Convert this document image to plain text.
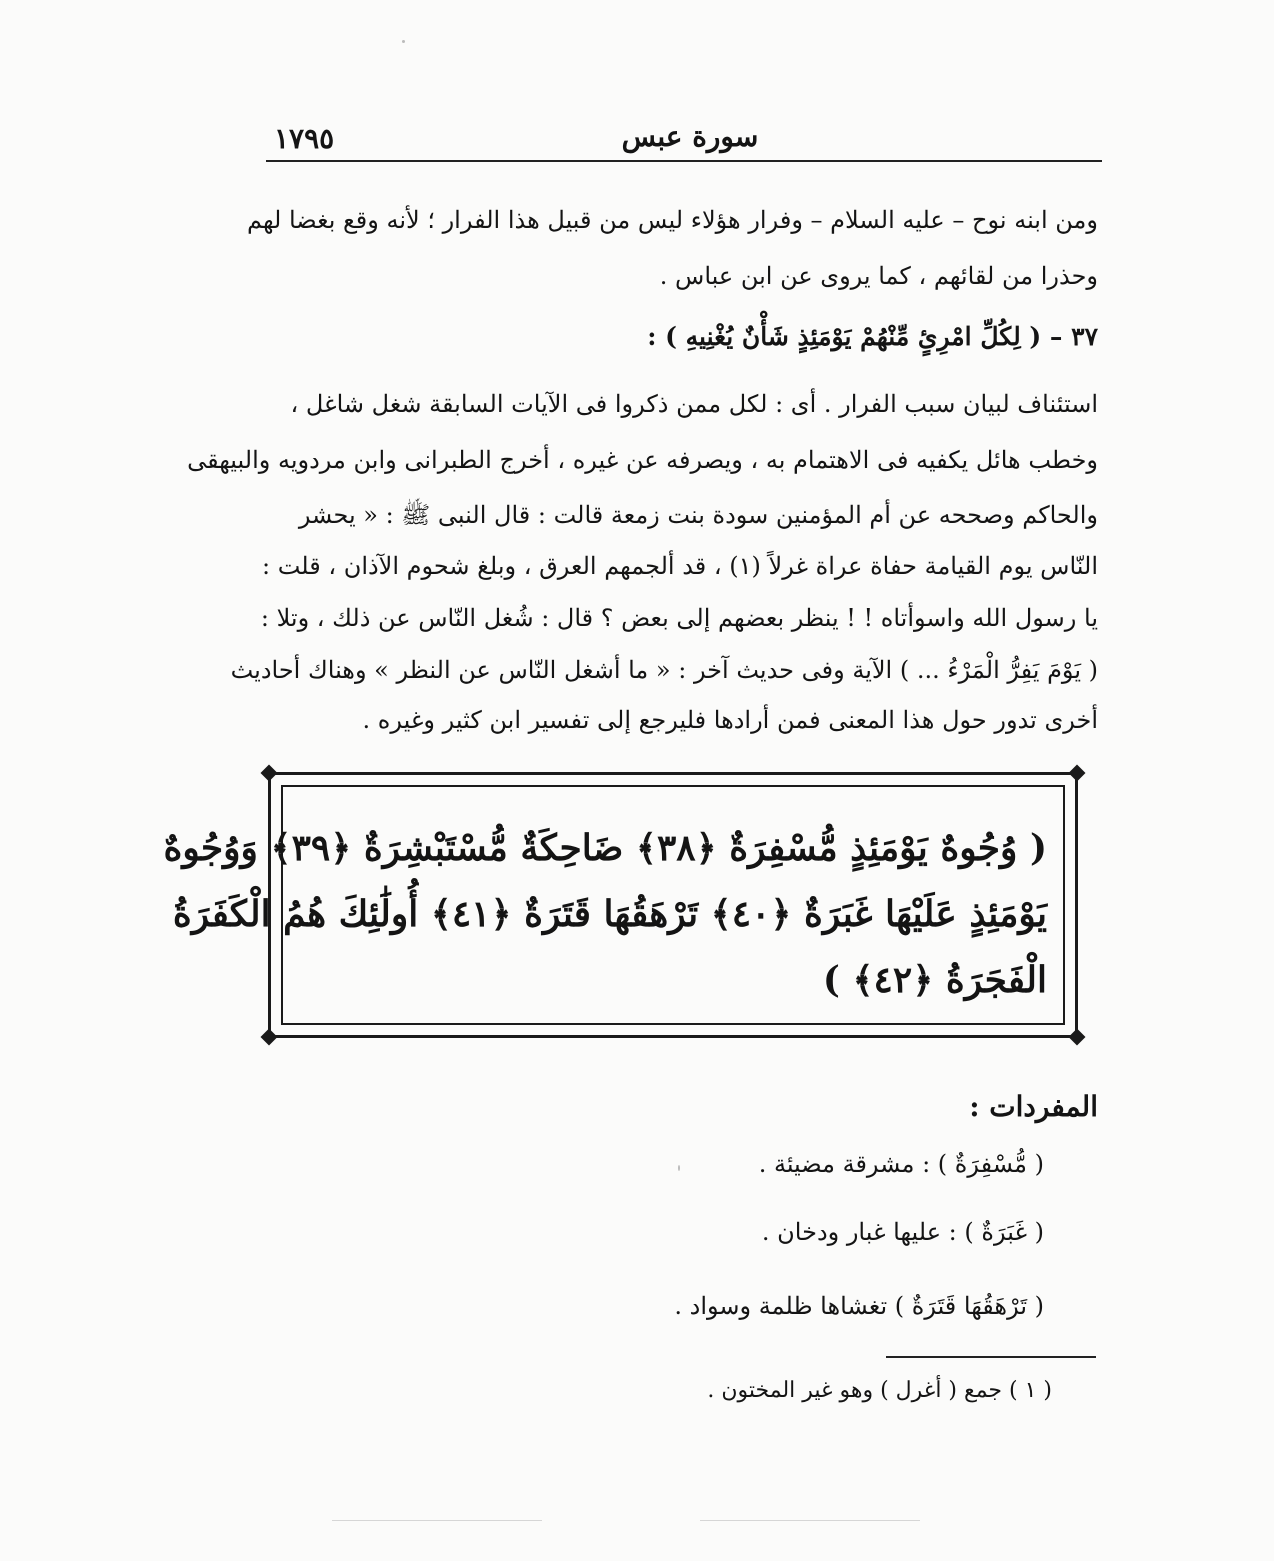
١٧٩٥	سورة عبس
ومن ابنه نوح – عليه السلام – وفرار هؤلاء ليس من قبيل هذا الفرار ؛ لأنه وقع بغضا لهم
وحذرا من لقائهم ، كما يروى عن ابن عباس .
٣٧ – ( لِكُلِّ امْرِئٍ مِّنْهُمْ يَوْمَئِذٍ شَأْنٌ يُغْنِيهِ ) :
استئناف لبيان سبب الفرار . أى : لكل ممن ذكروا فى الآيات السابقة شغل شاغل ،
وخطب هائل يكفيه فى الاهتمام به ، ويصرفه عن غيره ، أخرج الطبرانى وابن مردويه والبيهقى
والحاكم وصححه عن أم المؤمنين سودة بنت زمعة قالت : قال النبى ﷺ : « يحشر
النّاس يوم القيامة حفاة عراة غرلاً (١) ، قد ألجمهم العرق ، وبلغ شحوم الآذان ، قلت :
يا رسول الله واسوأتاه ! ! ينظر بعضهم إلى بعض ؟ قال : شُغل النّاس عن ذلك ، وتلا :
( يَوْمَ يَفِرُّ الْمَرْءُ ... ) الآية وفى حديث آخر : « ما أشغل النّاس عن النظر » وهناك أحاديث
أخرى تدور حول هذا المعنى فمن أرادها فليرجع إلى تفسير ابن كثير وغيره .
( وُجُوهٌ يَوْمَئِذٍ مُّسْفِرَةٌ ﴿٣٨﴾ ضَاحِكَةٌ مُّسْتَبْشِرَةٌ ﴿٣٩﴾ وَوُجُوهٌ
يَوْمَئِذٍ عَلَيْهَا غَبَرَةٌ ﴿٤٠﴾ تَرْهَقُهَا قَتَرَةٌ ﴿٤١﴾ أُولَٰئِكَ هُمُ الْكَفَرَةُ
الْفَجَرَةُ ﴿٤٢﴾ )
المفردات :
( مُّسْفِرَةٌ ) : مشرقة مضيئة .
( غَبَرَةٌ ) : عليها غبار ودخان .
( تَرْهَقُهَا قَتَرَةٌ ) تغشاها ظلمة وسواد .
( ١ ) جمع ( أغرل ) وهو غير المختون .
